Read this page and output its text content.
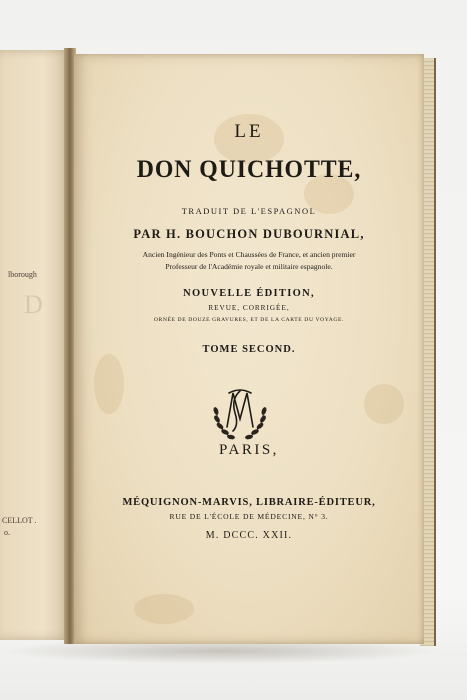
D
lborough
CELLOT .
o.

LE

DON QUICHOTTE,

TRADUIT DE L'ESPAGNOL

PAR H. BOUCHON DUBOURNIAL,

Ancien Ingénieur des Ponts et Chaussées de France, et ancien premier

Professeur de l'Académie royale et militaire espagnole.

NOUVELLE ÉDITION,

REVUE, CORRIGÉE,

ORNÉE DE DOUZE GRAVURES, ET DE LA CARTE DU VOYAGE.

TOME SECOND.

PARIS,

MÉQUIGNON-MARVIS, LIBRAIRE-ÉDITEUR,

RUE DE L'ÉCOLE DE MÉDECINE, N° 3.

M. DCCC. XXII.
